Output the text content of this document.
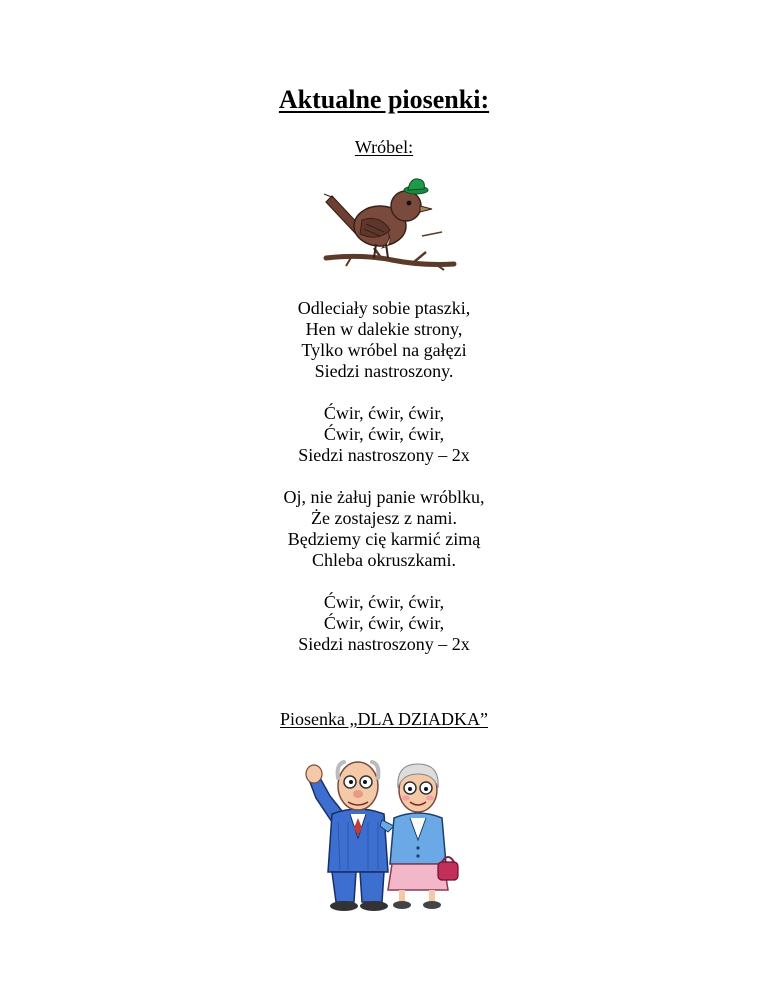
Aktualne piosenki:
Wróbel:
Odleciały sobie ptaszki,
Hen w dalekie strony,
Tylko wróbel na gałęzi
Siedzi nastroszony.
Ćwir, ćwir, ćwir,
Ćwir, ćwir, ćwir,
Siedzi nastroszony – 2x
Oj, nie żałuj panie wróblku,
Że zostajesz z nami.
Będziemy cię karmić zimą
Chleba okruszkami.
Ćwir, ćwir, ćwir,
Ćwir, ćwir, ćwir,
Siedzi nastroszony – 2x
Piosenka „DLA DZIADKA”
